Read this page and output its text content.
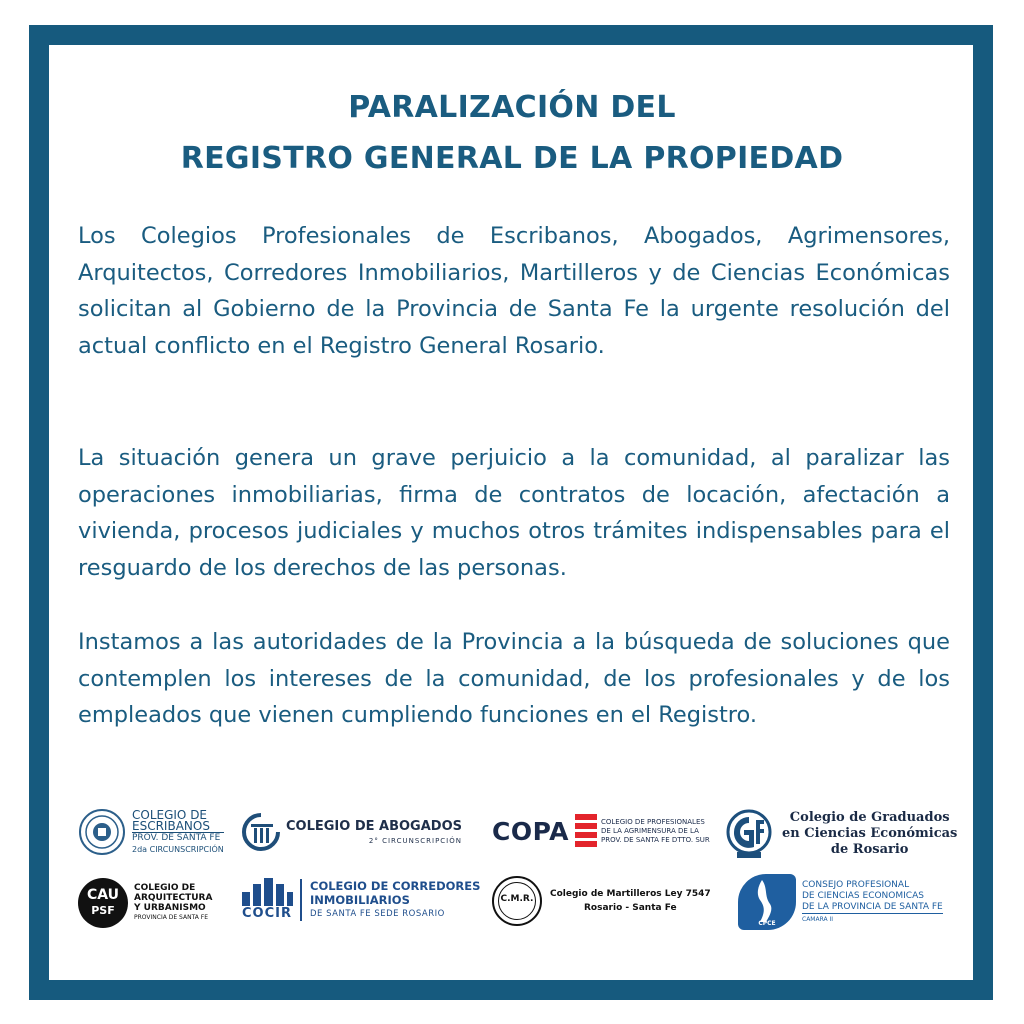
PARALIZACIÓN DEL
REGISTRO GENERAL DE LA PROPIEDAD

Los Colegios Profesionales de Escribanos, Abogados, Agrimensores, Arquitectos, Corredores Inmobiliarios, Martilleros y de Ciencias Económicas solicitan al Gobierno de la Provincia de Santa Fe la urgente resolución del actual conflicto en el Registro General Rosario.

La situación genera un grave perjuicio a la comunidad, al paralizar las operaciones inmobiliarias, firma de contratos de locación, afectación a vivienda, procesos judiciales y muchos otros trámites indispensables para el resguardo de los derechos de las personas.

Instamos a las autoridades de la Provincia a la búsqueda de soluciones que contemplen los intereses de la comunidad, de los profesionales y de los empleados que vienen cumpliendo funciones en el Registro.

COLEGIO DE
ESCRIBANOS
PROV. DE SANTA FE
2da CIRCUNSCRIPCIÓN
COLEGIO DE ABOGADOS
2° CIRCUNSCRIPCIÓN COPA	COLEGIO DE PROFESIONALES
DE LA AGRIMENSURA DE LA
PROV. DE SANTA FE DTTO. SUR
Colegio de Graduados
en Ciencias Económicas
de Rosario
CAU
PSF
COLEGIO DE
ARQUITECTURA
Y URBANISMO
PROVINCIA DE SANTA FE	COCIR
COLEGIO DE CORREDORES
INMOBILIARIOS
DE SANTA FE SEDE ROSARIO
C.M.R.	Colegio de Martilleros Ley 7547
Rosario - Santa Fe
CPCE
CONSEJO PROFESIONAL
DE CIENCIAS ECONOMICAS
DE LA PROVINCIA DE SANTA FE
CAMARA II
